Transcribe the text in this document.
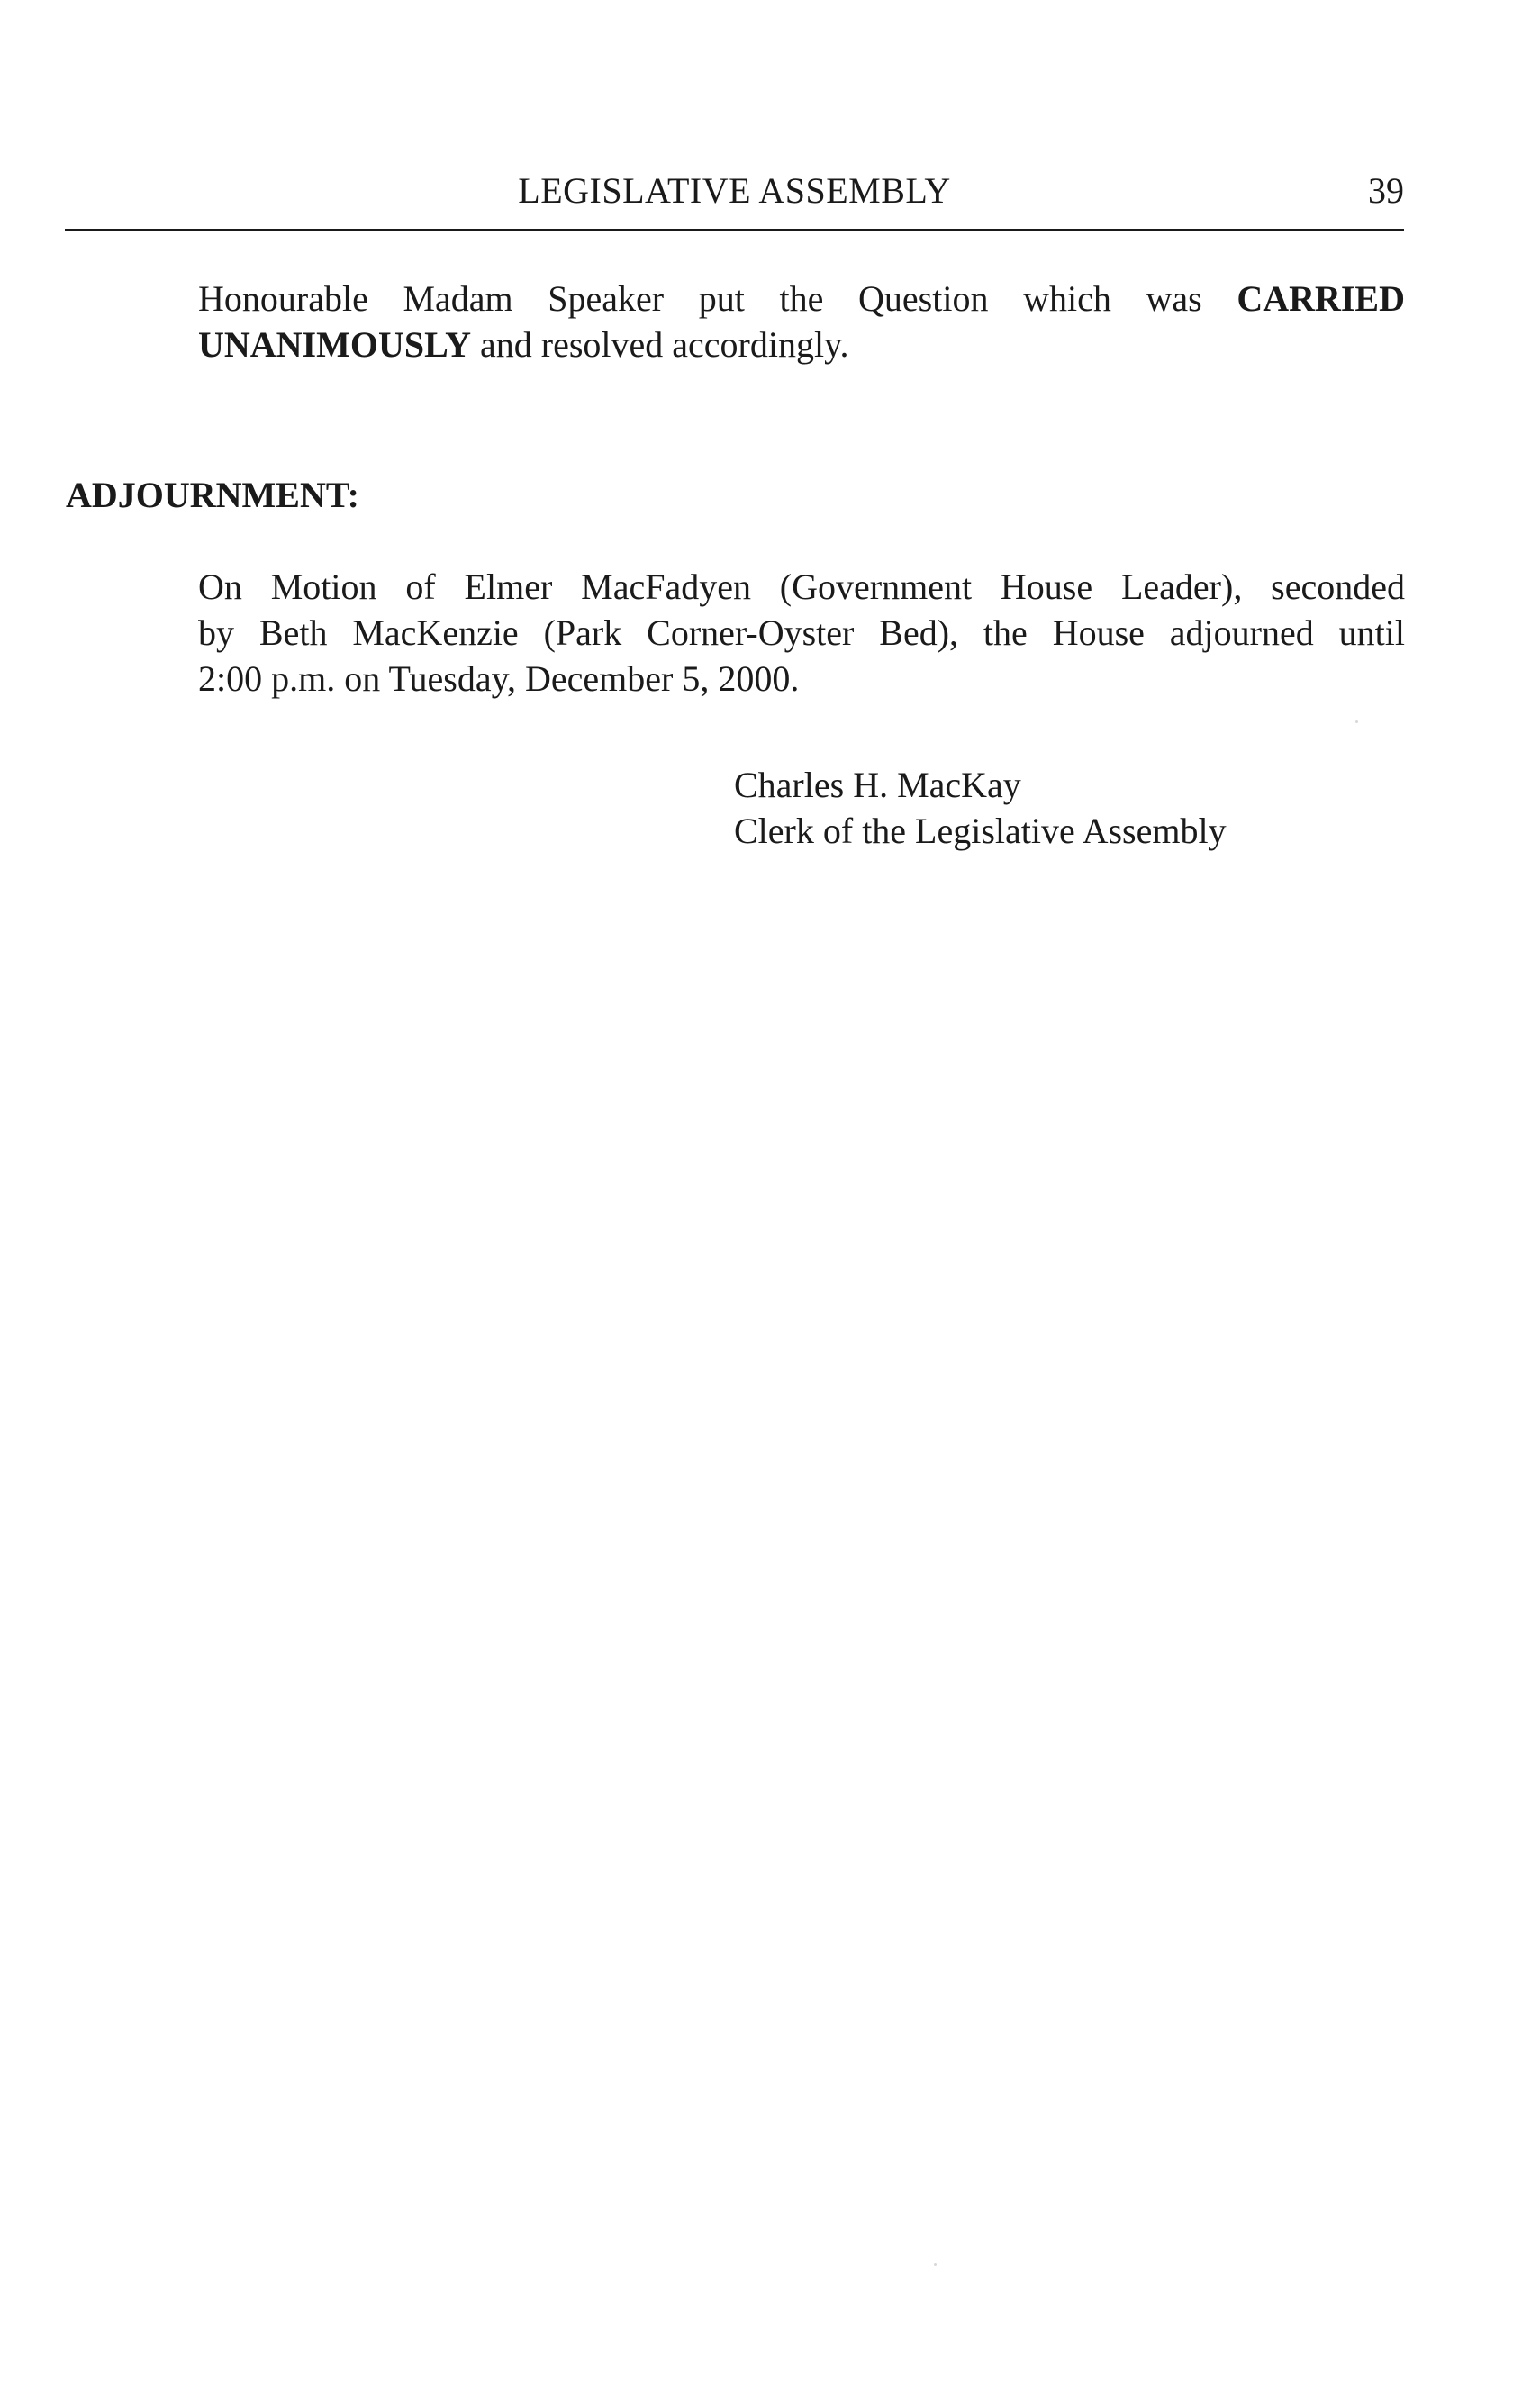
LEGISLATIVE ASSEMBLY	39

Honourable Madam Speaker put the Question which was CARRIED
UNANIMOUSLY and resolved accordingly.

ADJOURNMENT:

On Motion of Elmer MacFadyen (Government House Leader), seconded
by Beth MacKenzie (Park Corner-Oyster Bed), the House adjourned until
2:00 p.m. on Tuesday, December 5, 2000.

Charles H. MacKay
Clerk of the Legislative Assembly
